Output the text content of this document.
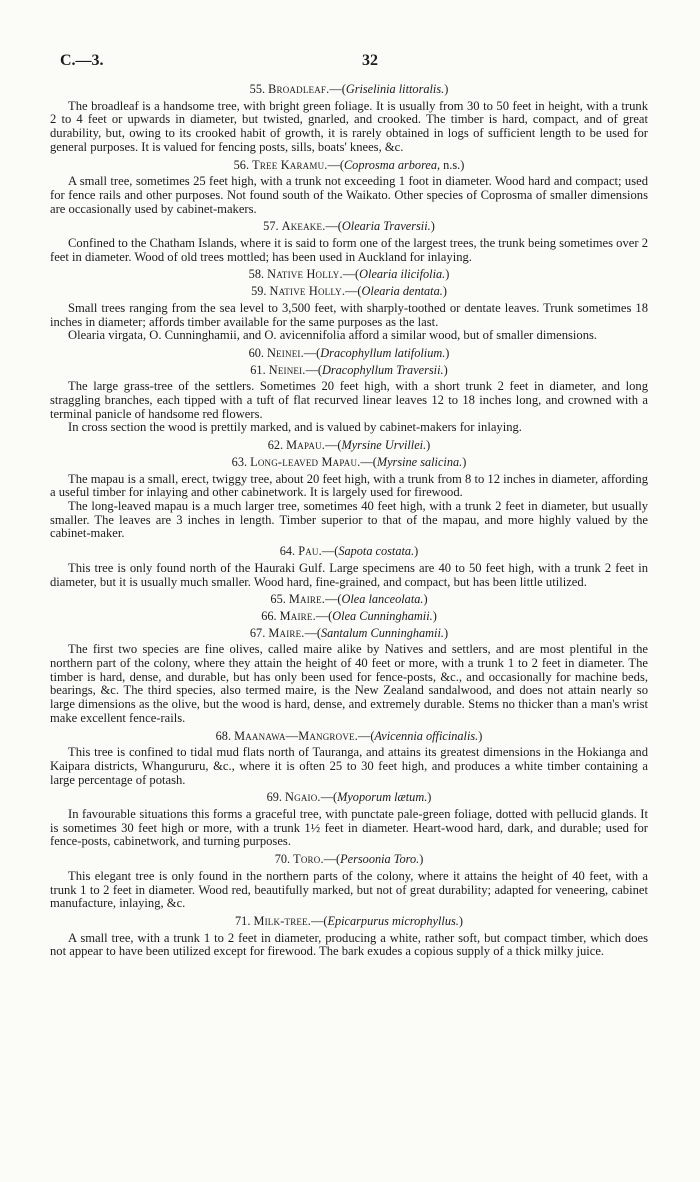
C.—3.	32
55. Broadleaf.—(Griselinia littoralis.)

The broadleaf is a handsome tree, with bright green foliage. It is usually from 30 to 50 feet in height, with a trunk 2 to 4 feet or upwards in diameter, but twisted, gnarled, and crooked. The timber is hard, compact, and of great durability, but, owing to its crooked habit of growth, it is rarely obtained in logs of sufficient length to be used for general purposes. It is valued for fencing posts, sills, boats' knees, &c.

56. Tree Karamu.—(Coprosma arborea, n.s.)

A small tree, sometimes 25 feet high, with a trunk not exceeding 1 foot in diameter. Wood hard and compact; used for fence rails and other purposes. Not found south of the Waikato. Other species of Coprosma of smaller dimensions are occasionally used by cabinet-makers.

57. Akeake.—(Olearia Traversii.)

Confined to the Chatham Islands, where it is said to form one of the largest trees, the trunk being sometimes over 2 feet in diameter. Wood of old trees mottled; has been used in Auckland for inlaying.

58. Native Holly.—(Olearia ilicifolia.)
59. Native Holly.—(Olearia dentata.)

Small trees ranging from the sea level to 3,500 feet, with sharply-toothed or dentate leaves. Trunk sometimes 18 inches in diameter; affords timber available for the same purposes as the last.

Olearia virgata, O. Cunninghamii, and O. avicennifolia afford a similar wood, but of smaller dimensions.

60. Neinei.—(Dracophyllum latifolium.)
61. Neinei.—(Dracophyllum Traversii.)

The large grass-tree of the settlers. Sometimes 20 feet high, with a short trunk 2 feet in diameter, and long straggling branches, each tipped with a tuft of flat recurved linear leaves 12 to 18 inches long, and crowned with a terminal panicle of handsome red flowers.

In cross section the wood is prettily marked, and is valued by cabinet-makers for inlaying.

62. Mapau.—(Myrsine Urvillei.)
63. Long-leaved Mapau.—(Myrsine salicina.)

The mapau is a small, erect, twiggy tree, about 20 feet high, with a trunk from 8 to 12 inches in diameter, affording a useful timber for inlaying and other cabinetwork. It is largely used for firewood.

The long-leaved mapau is a much larger tree, sometimes 40 feet high, with a trunk 2 feet in diameter, but usually smaller. The leaves are 3 inches in length. Timber superior to that of the mapau, and more highly valued by the cabinet-maker.

64. Pau.—(Sapota costata.)

This tree is only found north of the Hauraki Gulf. Large specimens are 40 to 50 feet high, with a trunk 2 feet in diameter, but it is usually much smaller. Wood hard, fine-grained, and compact, but has been little utilized.

65. Maire.—(Olea lanceolata.)
66. Maire.—(Olea Cunninghamii.)
67. Maire.—(Santalum Cunninghamii.)

The first two species are fine olives, called maire alike by Natives and settlers, and are most plentiful in the northern part of the colony, where they attain the height of 40 feet or more, with a trunk 1 to 2 feet in diameter. The timber is hard, dense, and durable, but has only been used for fence-posts, &c., and occasionally for machine beds, bearings, &c. The third species, also termed maire, is the New Zealand sandalwood, and does not attain nearly so large dimensions as the olive, but the wood is hard, dense, and extremely durable. Stems no thicker than a man's wrist make excellent fence-rails.

68. Maanawa—Mangrove.—(Avicennia officinalis.)

This tree is confined to tidal mud flats north of Tauranga, and attains its greatest dimensions in the Hokianga and Kaipara districts, Whangururu, &c., where it is often 25 to 30 feet high, and produces a white timber containing a large percentage of potash.

69. Ngaio.—(Myoporum lætum.)

In favourable situations this forms a graceful tree, with punctate pale-green foliage, dotted with pellucid glands. It is sometimes 30 feet high or more, with a trunk 1½ feet in diameter. Heart-wood hard, dark, and durable; used for fence-posts, cabinetwork, and turning purposes.

70. Toro.—(Persoonia Toro.)

This elegant tree is only found in the northern parts of the colony, where it attains the height of 40 feet, with a trunk 1 to 2 feet in diameter. Wood red, beautifully marked, but not of great durability; adapted for veneering, cabinet manufacture, inlaying, &c.

71. Milk-tree.—(Epicarpurus microphyllus.)

A small tree, with a trunk 1 to 2 feet in diameter, producing a white, rather soft, but compact timber, which does not appear to have been utilized except for firewood. The bark exudes a copious supply of a thick milky juice.
